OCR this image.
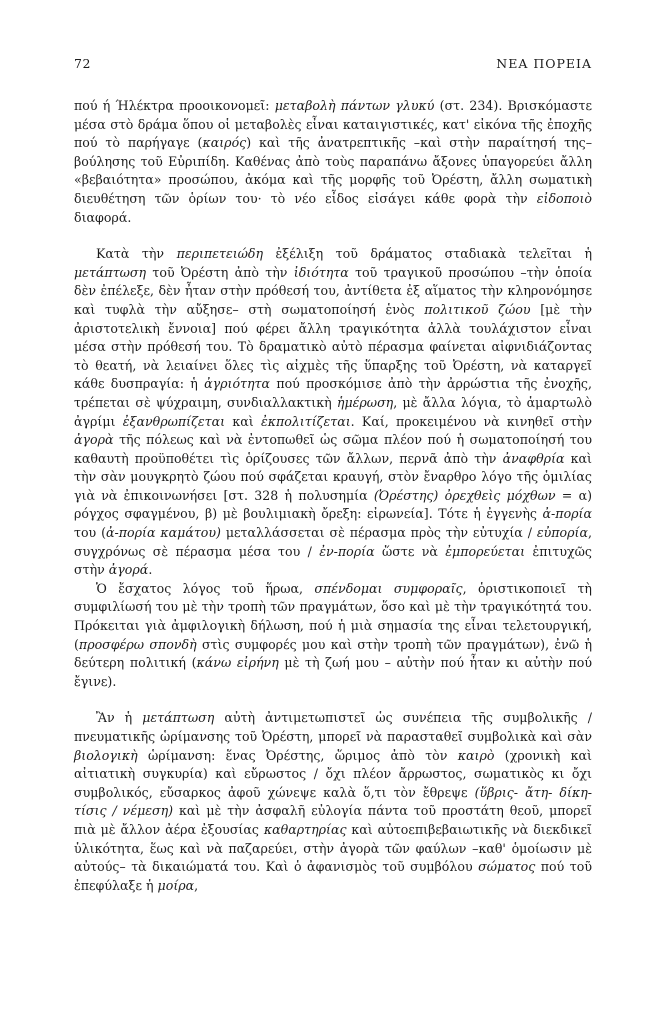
72	ΝΕΑ ΠΟΡΕΙΑ

πού ή Ήλέκτρα προοικονομεῖ: μεταβολὴ πάντων γλυκύ (στ. 234). Βρισκόμαστε μέσα στὸ δράμα ὅπου οἱ μεταβολὲς εἶναι καταιγιστικές, κατ' εἰκόνα τῆς ἐποχῆς πού τὸ παρήγαγε (καιρός) καὶ τῆς ἀνατρεπτικῆς –καὶ στὴν παραίτησή της– βούλησης τοῦ Εὐριπίδη. Καθένας ἀπὸ τοὺς παραπάνω ἄξονες ὑπαγορεύει ἄλλη «βεβαιότητα» προσώπου, ἀκόμα καὶ τῆς μορφῆς τοῦ Ὀρέστη, ἄλλη σωματικὴ διευθέτηση τῶν ὁρίων του· τὸ νέο εἶδος εἰσάγει κάθε φορὰ τὴν εἰδοποιὸ διαφορά.

Κατὰ τὴν περιπετειώδη ἐξέλιξη τοῦ δράματος σταδιακὰ τελεῖται ἡ μετάπτωση τοῦ Ὀρέστη ἀπὸ τὴν ἰδιότητα τοῦ τραγικοῦ προσώπου –τὴν ὁποία δὲν ἐπέλεξε, δὲν ἦταν στὴν πρόθεσή του, ἀντίθετα ἐξ αἵματος τὴν κληρονόμησε καὶ τυφλὰ τὴν αὔξησε– στὴ σωματοποίησή ἑνὸς πολιτικοῦ ζώου [μὲ τὴν ἀριστοτελικὴ ἔννοια] πού φέρει ἄλλη τραγικότητα ἀλλὰ τουλάχιστον εἶναι μέσα στὴν πρόθεσή του. Τὸ δραματικὸ αὐτὸ πέρασμα φαίνεται αἰφνιδιάζοντας τὸ θεατή, νὰ λειαίνει ὅλες τὶς αἰχμὲς τῆς ὕπαρξης τοῦ Ὀρέστη, νὰ καταργεῖ κάθε δυσπραγία: ἡ ἀγριότητα πού προσκόμισε ἀπὸ τὴν ἀρρώστια τῆς ἐνοχῆς, τρέπεται σὲ ψύχραιμη, συνδιαλλακτικὴ ἡμέρωση, μὲ ἄλλα λόγια, τὸ ἁμαρτωλὸ ἀγρίμι ἐξανθρωπίζεται καὶ ἐκπολιτίζεται. Καί, προκειμένου νὰ κινηθεῖ στὴν ἀγορὰ τῆς πόλεως καὶ νὰ ἐντοπωθεῖ ὡς σῶμα πλέον πού ἡ σωματοποίησή του καθαυτὴ προϋποθέτει τὶς ὁρίζουσες τῶν ἄλλων, περνᾶ ἀπὸ τὴν ἀναφθρία καὶ τὴν σὰν μουγκρητὸ ζώου πού σφάζεται κραυγή, στὸν ἔναρθρο λόγο τῆς ὁμιλίας γιὰ νὰ ἐπικοινωνήσει [στ. 328 ἡ πολυσημία (Ὀρέστης) ὀρεχθεὶς μόχθων = α) ρόγχος σφαγμένου, β) μὲ βουλιμιακὴ ὄρεξη: εἰρωνεία]. Τότε ἡ ἐγγενὴς ἀ-πορία του (ἀ-πορία καμάτου) μεταλλάσσεται σὲ πέρασμα πρὸς τὴν εὐτυχία / εὐπορία, συγχρόνως σὲ πέρασμα μέσα του / ἐν-πορία ὥστε νὰ ἐμπορεύεται ἐπιτυχῶς στὴν ἀγορά.

Ὁ ἔσχατος λόγος τοῦ ἥρωα, σπένδομαι συμφοραῖς, ὁριστικοποιεῖ τὴ συμφιλίωσή του μὲ τὴν τροπὴ τῶν πραγμάτων, ὅσο καὶ μὲ τὴν τραγικότητά του. Πρόκειται γιὰ ἀμφιλογικὴ δήλωση, πού ἡ μιὰ σημασία της εἶναι τελετουργική, (προσφέρω σπονδὴ στὶς συμφορές μου καὶ στὴν τροπὴ τῶν πραγμάτων), ἐνῶ ἡ δεύτερη πολιτική (κάνω εἰρήνη μὲ τὴ ζωή μου – αὐτὴν πού ἦταν κι αὐτὴν πού ἔγινε).

Ἂν ἡ μετάπτωση αὐτὴ ἀντιμετωπιστεῖ ὡς συνέπεια τῆς συμβολικῆς / πνευματικῆς ὡρίμανσης τοῦ Ὀρέστη, μπορεῖ νὰ παρασταθεῖ συμβολικὰ καὶ σὰν βιολογικὴ ὡρίμανση: ἕνας Ὀρέστης, ὥριμος ἀπὸ τὸν καιρὸ (χρονικὴ καὶ αἰτιατικὴ συγκυρία) καὶ εὔρωστος / ὄχι πλέον ἄρρωστος, σωματικὸς κι ὄχι συμβολικός, εὔσαρκος ἀφοῦ χώνεψε καλὰ ὅ,τι τὸν ἔθρεψε (ὕβρις- ἄτη- δίκη- τίσις / νέμεση) καὶ μὲ τὴν ἀσφαλῆ εὐλογία πάντα τοῦ προστάτη θεοῦ, μπορεῖ πιὰ μὲ ἄλλον ἀέρα ἐξουσίας καθαρτηρίας καὶ αὐτοεπιβεβαιωτικῆς νὰ διεκδικεῖ ὑλικότητα, ἕως καὶ νὰ παζαρεύει, στὴν ἀγορὰ τῶν φαύλων –καθ' ὁμοίωσιν μὲ αὐτούς– τὰ δικαιώματά του. Καὶ ὁ ἀφανισμὸς τοῦ συμβόλου σώματος πού τοῦ ἐπεφύλαξε ἡ μοίρα,
